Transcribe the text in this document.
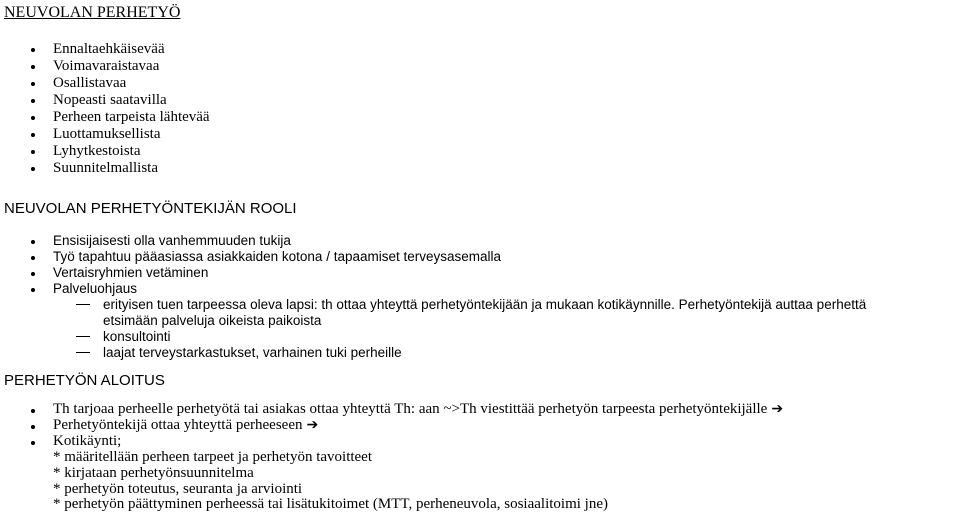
NEUVOLAN PERHETYÖ
Ennaltaehkäisevää
Voimavaraistavaa
Osallistavaa
Nopeasti saatavilla
Perheen tarpeista lähtevää
Luottamuksellista
Lyhytkestoista
Suunnitelmallista
NEUVOLAN PERHETYÖNTEKIJÄN ROOLI
Ensisijaisesti olla vanhemmuuden tukija
Työ tapahtuu pääasiassa asiakkaiden kotona / tapaamiset terveysasemalla
Vertaisryhmien vetäminen
Palveluohjaus
erityisen tuen tarpeessa oleva lapsi: th ottaa yhteyttä perhetyöntekijään ja mukaan kotikäynnille. Perhetyöntekijä auttaa perhettä
etsimään palveluja oikeista paikoista
konsultointi
laajat terveystarkastukset, varhainen tuki perheille
PERHETYÖN ALOITUS
Th tarjoaa perheelle perhetyötä tai asiakas ottaa yhteyttä Th: aan ~>Th viestittää perhetyön tarpeesta perhetyöntekijälle ➔
Perhetyöntekijä ottaa yhteyttä perheeseen ➔
Kotikäynti;
* määritellään perheen tarpeet ja perhetyön tavoitteet
* kirjataan perhetyönsuunnitelma
* perhetyön toteutus, seuranta ja arviointi
* perhetyön päättyminen perheessä tai lisätukitoimet (MTT, perheneuvola, sosiaalitoimi jne)
